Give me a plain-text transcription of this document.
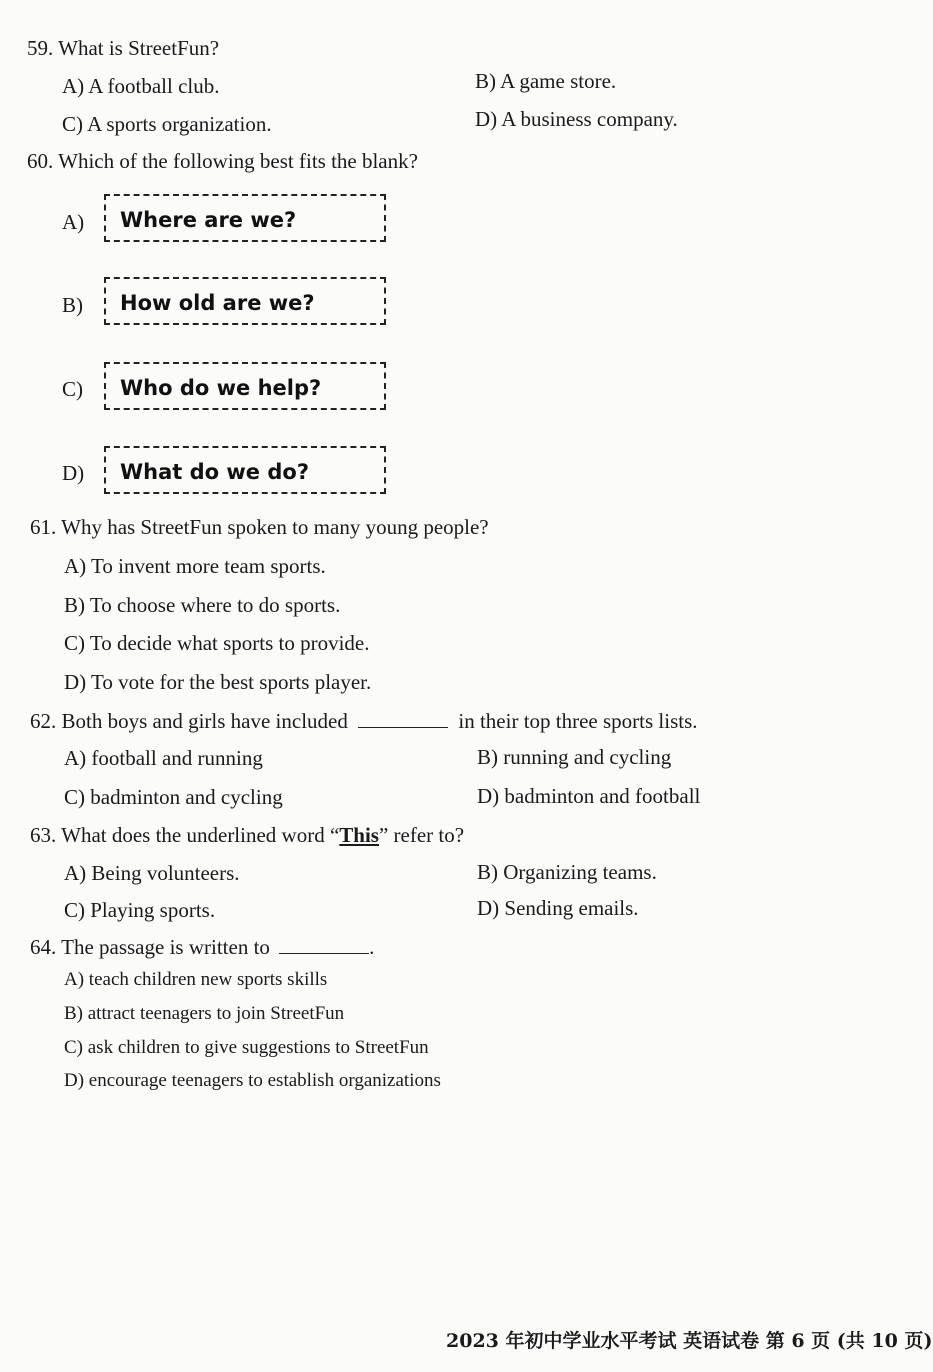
59. What is StreetFun?
A) A football club.	B) A game store.
C) A sports organization.	D) A business company.
60. Which of the following best fits the blank?
A) Where are we?
B) How old are we?
C) Who do we help?
D) What do we do?
61. Why has StreetFun spoken to many young people?
A) To invent more team sports.
B) To choose where to do sports.
C) To decide what sports to provide.
D) To vote for the best sports player.
62. Both boys and girls have included	in their top three sports lists.
A) football and running	B) running and cycling
C) badminton and cycling	D) badminton and football
63. What does the underlined word “This” refer to?
A) Being volunteers.	B) Organizing teams.
C) Playing sports.	D) Sending emails.
64. The passage is written to	.
A) teach children new sports skills
B) attract teenagers to join StreetFun
C) ask children to give suggestions to StreetFun
D) encourage teenagers to establish organizations
2023 年初中学业水平考试 英语试卷 第 6 页 (共 10 页)
